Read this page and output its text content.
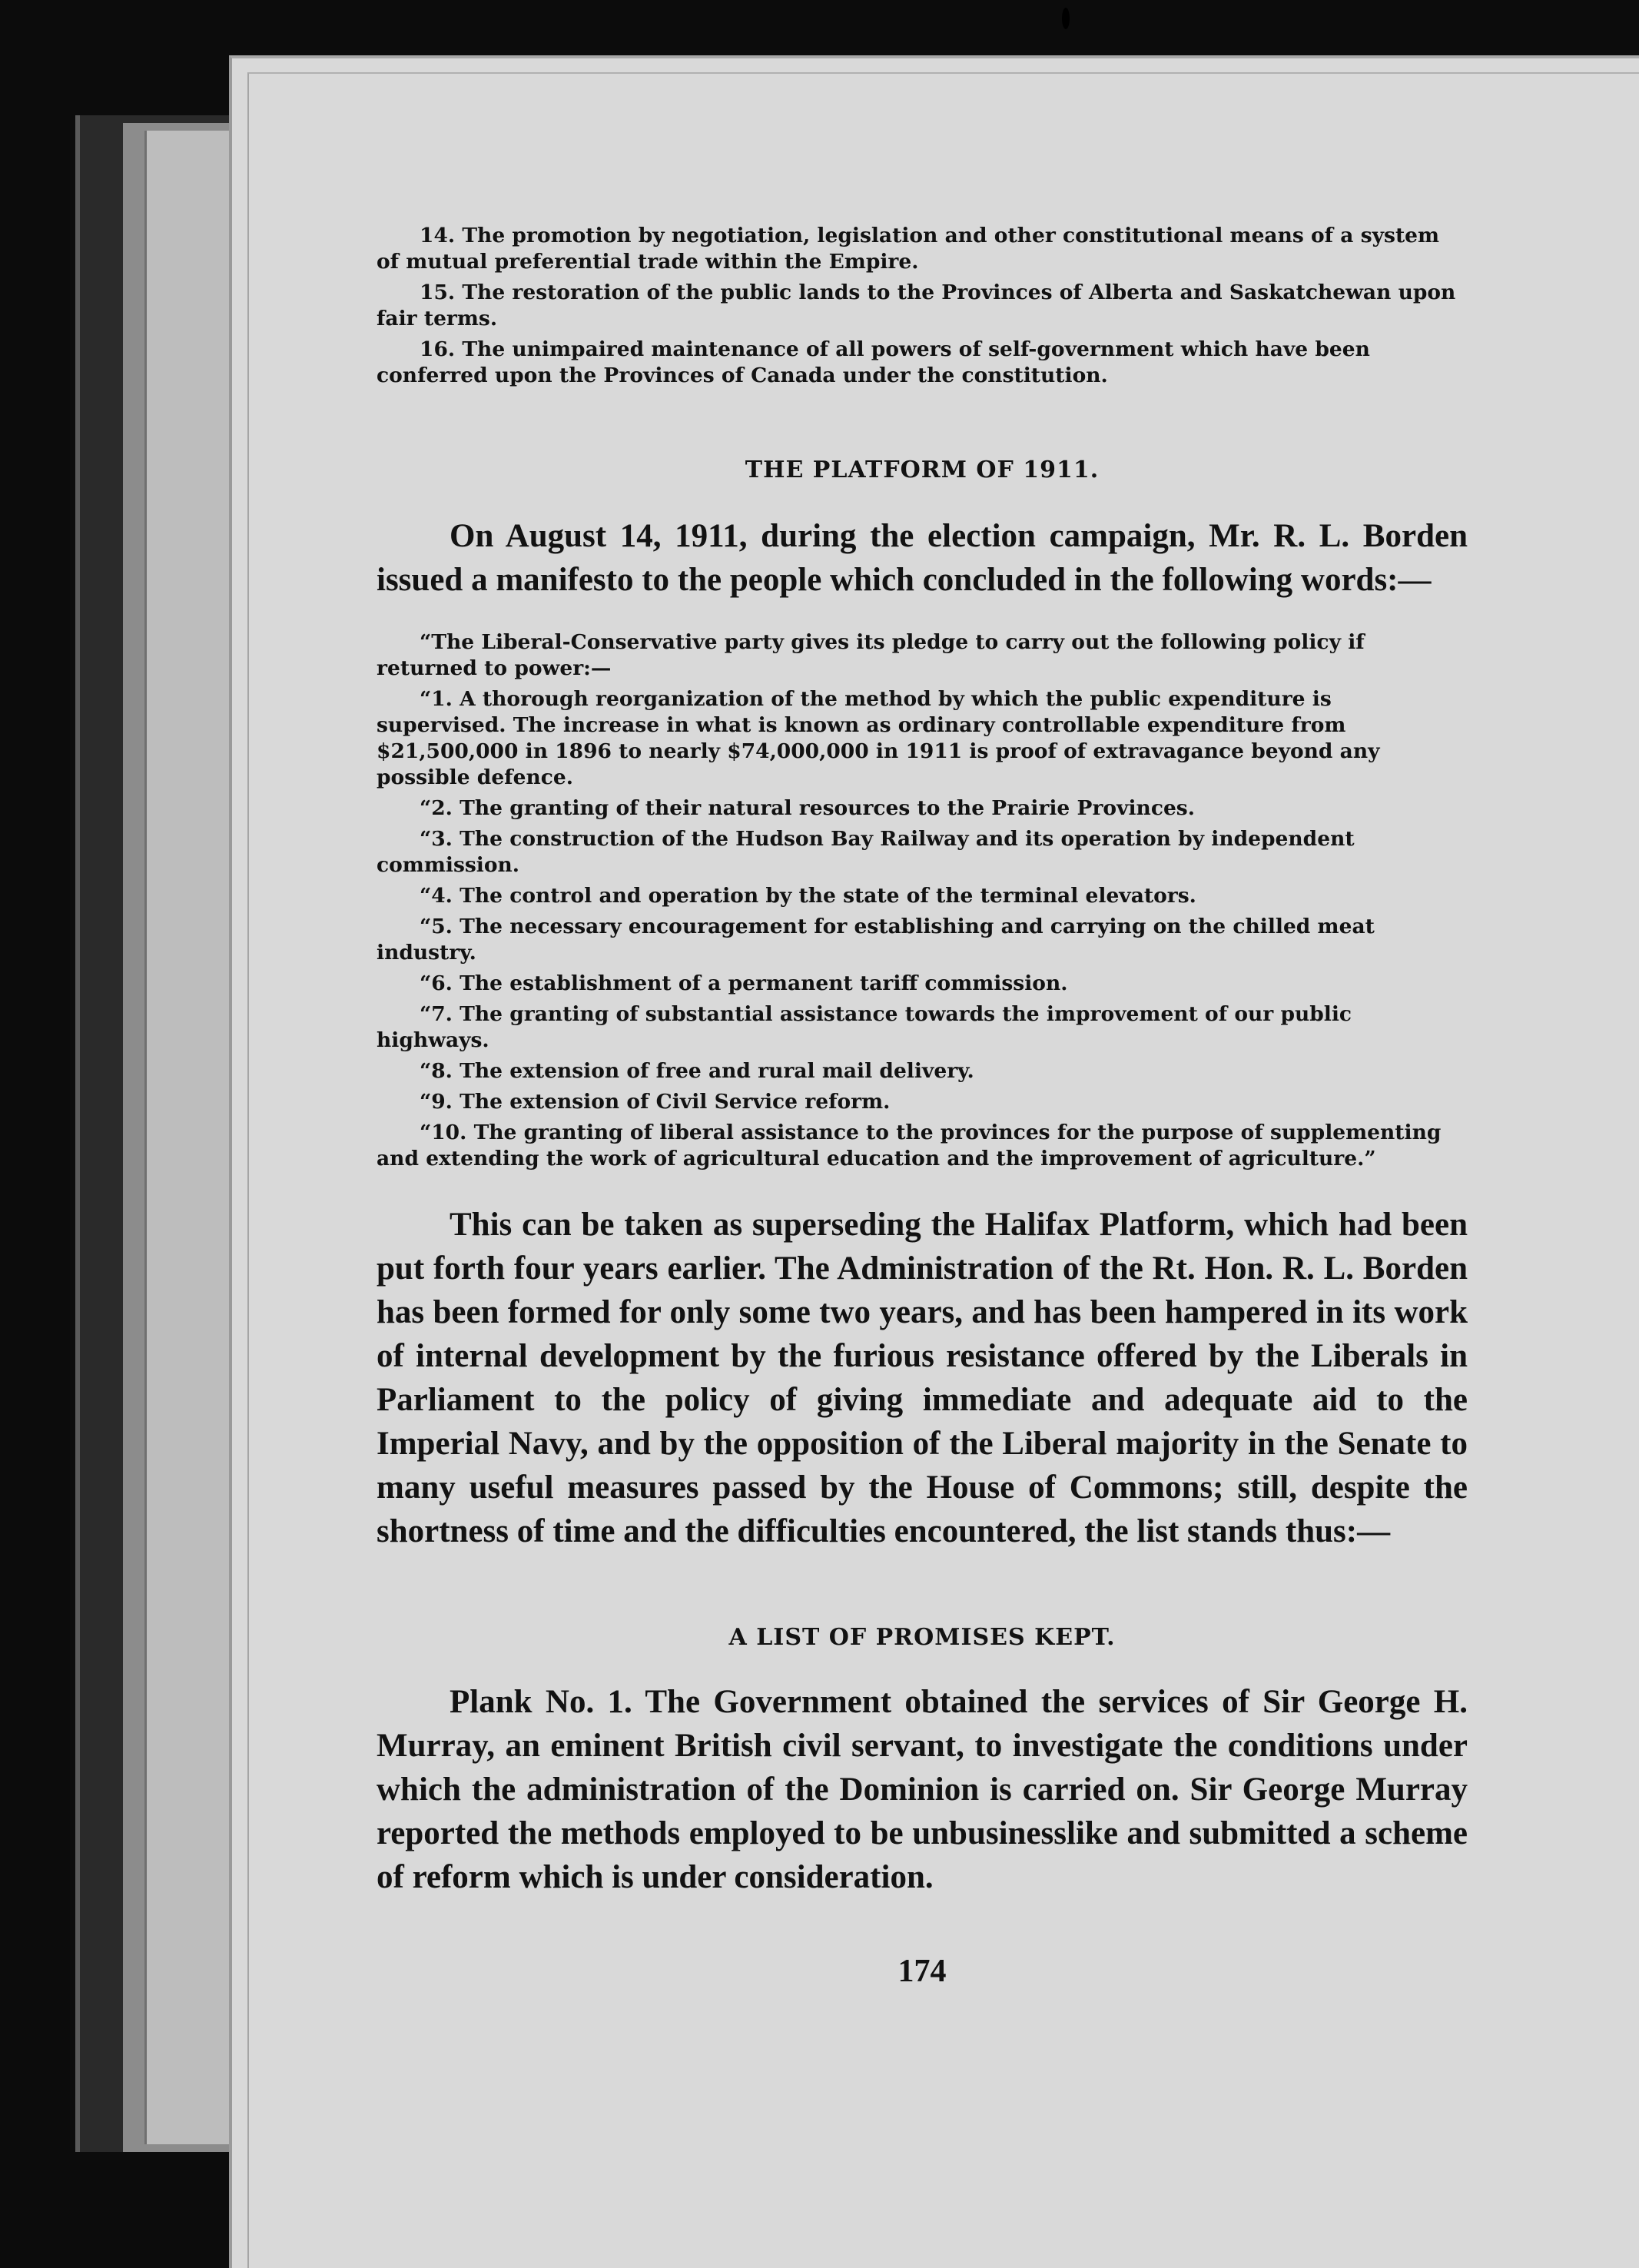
14. The promotion by negotiation, legislation and other constitutional means of a system of mutual preferential trade within the Empire.

15. The restoration of the public lands to the Provinces of Alberta and Saskatchewan upon fair terms.

16. The unimpaired maintenance of all powers of self-government which have been conferred upon the Provinces of Canada under the constitution.

THE PLATFORM OF 1911.

On August 14, 1911, during the election campaign, Mr. R. L. Borden issued a manifesto to the people which concluded in the following words:—

“The Liberal-Conservative party gives its pledge to carry out the following policy if returned to power:—

“1. A thorough reorganization of the method by which the public expenditure is supervised. The increase in what is known as ordinary controllable expenditure from $21,500,000 in 1896 to nearly $74,000,000 in 1911 is proof of extravagance beyond any possible defence.

“2. The granting of their natural resources to the Prairie Provinces.

“3. The construction of the Hudson Bay Railway and its operation by independent commission.

“4. The control and operation by the state of the terminal elevators.

“5. The necessary encouragement for establishing and carrying on the chilled meat industry.

“6. The establishment of a permanent tariff commission.

“7. The granting of substantial assistance towards the improvement of our public highways.

“8. The extension of free and rural mail delivery.

“9. The extension of Civil Service reform.

“10. The granting of liberal assistance to the provinces for the purpose of supplementing and extending the work of agricultural education and the improvement of agriculture.”

This can be taken as superseding the Halifax Platform, which had been put forth four years earlier. The Administration of the Rt. Hon. R. L. Borden has been formed for only some two years, and has been hampered in its work of internal development by the furious resistance offered by the Liberals in Parliament to the policy of giving immediate and adequate aid to the Imperial Navy, and by the opposition of the Liberal majority in the Senate to many useful measures passed by the House of Commons; still, despite the shortness of time and the difficulties encountered, the list stands thus:—

A LIST OF PROMISES KEPT.

Plank No. 1. The Government obtained the services of Sir George H. Murray, an eminent British civil servant, to investigate the conditions under which the administration of the Dominion is carried on. Sir George Murray reported the methods employed to be unbusinesslike and submitted a scheme of reform which is under consideration.

174
